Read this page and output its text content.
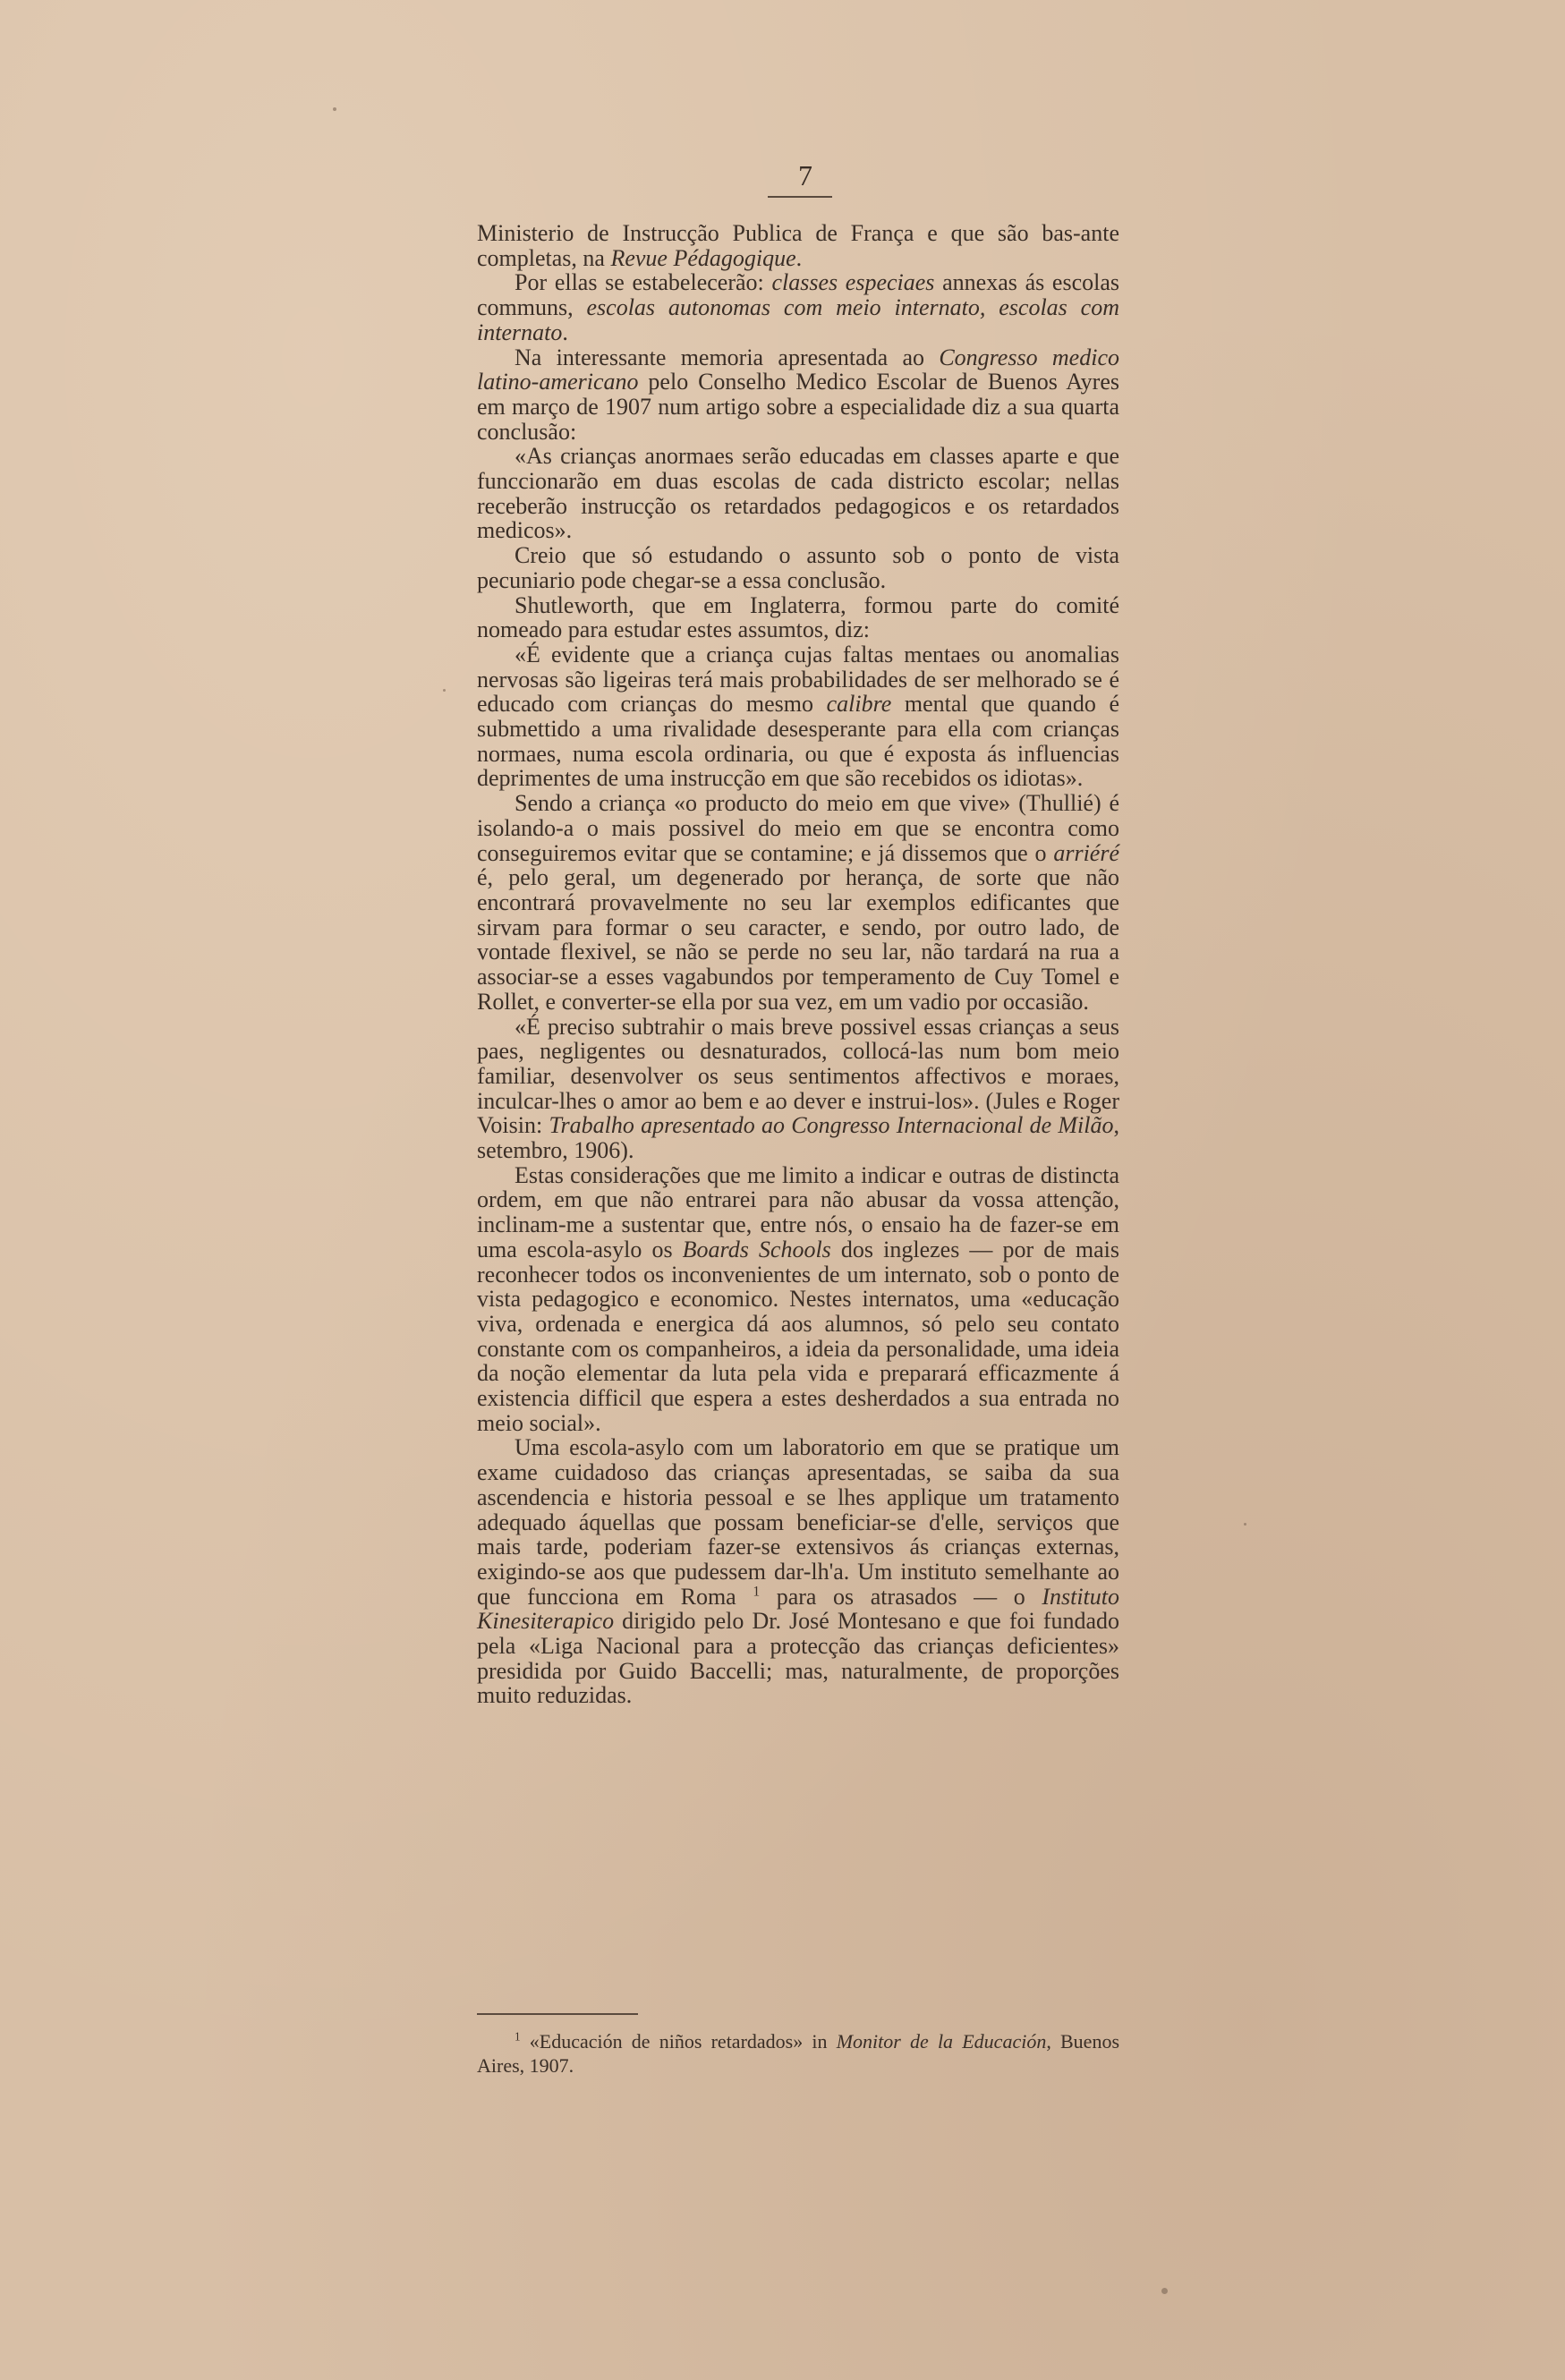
7

Ministerio de Instrucção Publica de França e que são bas-ante completas, na Revue Pédagogique.

Por ellas se estabelecerão: classes especiaes annexas ás escolas communs, escolas autonomas com meio internato, escolas com internato.

Na interessante memoria apresentada ao Congresso medico latino-americano pelo Conselho Medico Escolar de Buenos Ayres em março de 1907 num artigo sobre a especialidade diz a sua quarta conclusão:

«As crianças anormaes serão educadas em classes aparte e que funccionarão em duas escolas de cada districto escolar; nellas receberão instrucção os retardados pedagogicos e os retardados medicos».

Creio que só estudando o assunto sob o ponto de vista pecuniario pode chegar-se a essa conclusão.

Shutleworth, que em Inglaterra, formou parte do comité nomeado para estudar estes assumtos, diz:

«É evidente que a criança cujas faltas mentaes ou anomalias nervosas são ligeiras terá mais probabilidades de ser melhorado se é educado com crianças do mesmo calibre mental que quando é submettido a uma rivalidade desesperante para ella com crianças normaes, numa escola ordinaria, ou que é exposta ás influencias deprimentes de uma instrucção em que são recebidos os idiotas».

Sendo a criança «o producto do meio em que vive» (Thullié) é isolando-a o mais possivel do meio em que se encontra como conseguiremos evitar que se contamine; e já dissemos que o arriéré é, pelo geral, um degenerado por herança, de sorte que não encontrará provavelmente no seu lar exemplos edificantes que sirvam para formar o seu caracter, e sendo, por outro lado, de vontade flexivel, se não se perde no seu lar, não tardará na rua a associar-se a esses vagabundos por temperamento de Cuy Tomel e Rollet, e converter-se ella por sua vez, em um vadio por occasião.

«É preciso subtrahir o mais breve possivel essas crianças a seus paes, negligentes ou desnaturados, collocá-las num bom meio familiar, desenvolver os seus sentimentos affectivos e moraes, inculcar-lhes o amor ao bem e ao dever e instrui-los». (Jules e Roger Voisin: Trabalho apresentado ao Congresso Internacional de Milão, setembro, 1906).

Estas considerações que me limito a indicar e outras de distincta ordem, em que não entrarei para não abusar da vossa attenção, inclinam-me a sustentar que, entre nós, o ensaio ha de fazer-se em uma escola-asylo os Boards Schools dos inglezes — por de mais reconhecer todos os inconvenientes de um internato, sob o ponto de vista pedagogico e economico. Nestes internatos, uma «educação viva, ordenada e energica dá aos alumnos, só pelo seu contato constante com os companheiros, a ideia da personalidade, uma ideia da noção elementar da luta pela vida e preparará efficazmente á existencia difficil que espera a estes desherdados a sua entrada no meio social».

Uma escola-asylo com um laboratorio em que se pratique um exame cuidadoso das crianças apresentadas, se saiba da sua ascendencia e historia pessoal e se lhes applique um tratamento adequado áquellas que possam beneficiar-se d'elle, serviços que mais tarde, poderiam fazer-se extensivos ás crianças externas, exigindo-se aos que pudessem dar-lh'a. Um instituto semelhante ao que funcciona em Roma $^1$ para os atrasados — o Instituto Kinesiterapico dirigido pelo Dr. José Montesano e que foi fundado pela «Liga Nacional para a protecção das crianças deficientes» presidida por Guido Baccelli; mas, naturalmente, de proporções muito reduzidas.

$^1$ «Educación de niños retardados» in Monitor de la Educación, Buenos Aires, 1907.
